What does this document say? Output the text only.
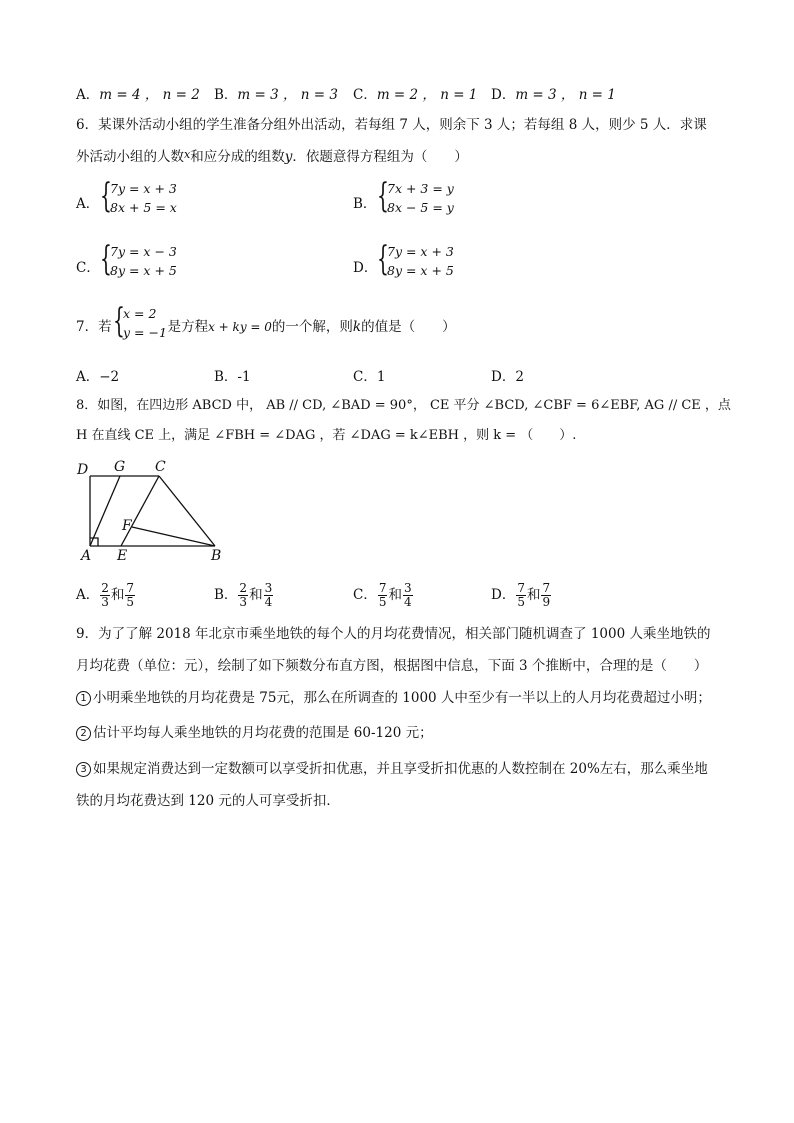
A．m = 4 ， n = 2 B．m = 3 ， n = 3 C．m = 2 ， n = 1 D．m = 3 ， n = 1
6．某课外活动小组的学生准备分组外出活动，若每组 7 人，则余下 3 人；若每组 8 人，则少 5 人．求课
外活动小组的人数$^x$和应分成的组数y．依题意得方程组为（　　）
A． {
7y = x + 3
8x + 5 = x	B． {
7x + 3 = y
8x − 5 = y
C． {
7y = x − 3
8y = x + 5	D． {
7y = x + 3
8y = x + 5
7．若	是方程x + ky = 0的一个解，则k的值是（　　）
{
x = 2
y = −1
A．−2	B．-1	C．1	D．2
8．如图，在四边形 ABCD 中， AB // CD, ∠BAD = 90°， CE 平分 ∠BCD, ∠CBF = 6∠EBF, AG // CE ，点
H 在直线 CE 上，满足 ∠FBH = ∠DAG ，若 ∠DAG = k∠EBH ，则 k = （　　）.
D G C
F
A E	B
A． $\frac{2}{3}$ 和 $\frac{7}{5}$	B． $\frac{2}{3}$ 和 $\frac{3}{4}$	C． $\frac{7}{5}$ 和 $\frac{3}{4}$	D． $\frac{7}{5}$ 和 $\frac{7}{9}$
9．为了了解 2018 年北京市乘坐地铁的每个人的月均花费情况，相关部门随机调查了 1000 人乘坐地铁的
月均花费（单位：元），绘制了如下频数分布直方图，根据图中信息，下面 3 个推断中，合理的是（　　）
1 小明乘坐地铁的月均花费是 75元，那么在所调查的 1000 人中至少有一半以上的人月均花费超过小明；
2 估计平均每人乘坐地铁的月均花费的范围是 60-120 元；
3 如果规定消费达到一定数额可以享受折扣优惠，并且享受折扣优惠的人数控制在 20%左右，那么乘坐地
铁的月均花费达到 120 元的人可享受折扣．
